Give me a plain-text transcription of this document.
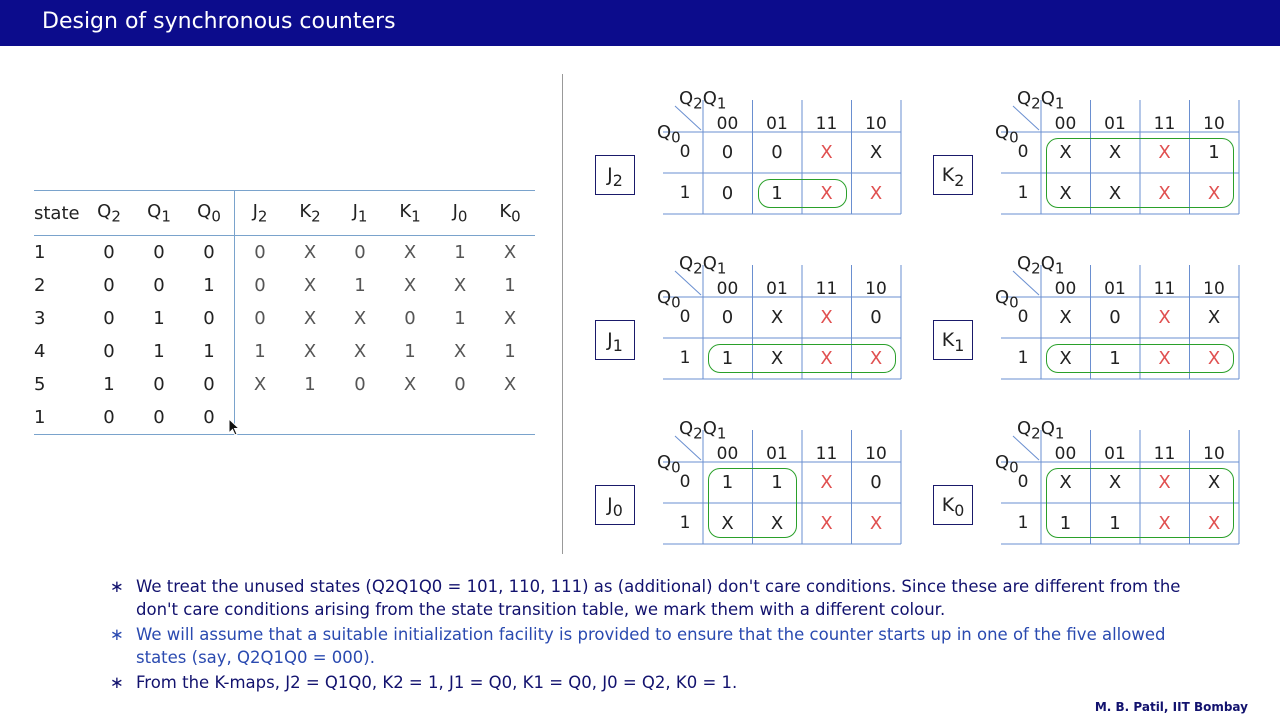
Design of synchronous counters
state	$Q_2$	$Q_1$	$Q_0$	$J_2$	$K_2$	$J_1$	$K_1$	$J_0$	$K_0$
1	0	0	0	0	X	0	X	1	X
2	0	0	1	0	X	1	X	X	1
3	0	1	0	0	X	X	0	1	X
4	0	1	1	1	X	X	1	X	1
5	1	0	0	X	1	0	X	0	X
1	0	0	0						
$J_2$
$Q_2Q_1$
$Q_0$
00	01	11	10
0
1
0	0	X	X
0	1	X	X
$K_2$
$Q_2Q_1$
$Q_0$
00	01	11	10
0
1
X	X	X	1
X	X	X	X
$J_1$
$Q_2Q_1$
$Q_0$
00	01	11	10
0
1
0	X	X	0
1	X	X	X
$K_1$
$Q_2Q_1$
$Q_0$
00	01	11	10
0
1
X	0	X	X
X	1	X	X
$J_0$
$Q_2Q_1$
$Q_0$
00	01	11	10
0
1
1	1	X	0
X	X	X	X
$K_0$
$Q_2Q_1$
$Q_0$
00	01	11	10
0
1
X	X	X	X
1	1	X	X
∗ We treat the unused states (Q2Q1Q0 = 101, 110, 111) as (additional) don't care conditions. Since these are different from the don't care conditions arising from the state transition table, we mark them with a different colour.
∗ We will assume that a suitable initialization facility is provided to ensure that the counter starts up in one of the five allowed states (say, Q2Q1Q0 = 000).
∗ From the K-maps, J2 = Q1Q0, K2 = 1, J1 = Q0, K1 = Q0, J0 = Q2, K0 = 1.
M. B. Patil, IIT Bombay
